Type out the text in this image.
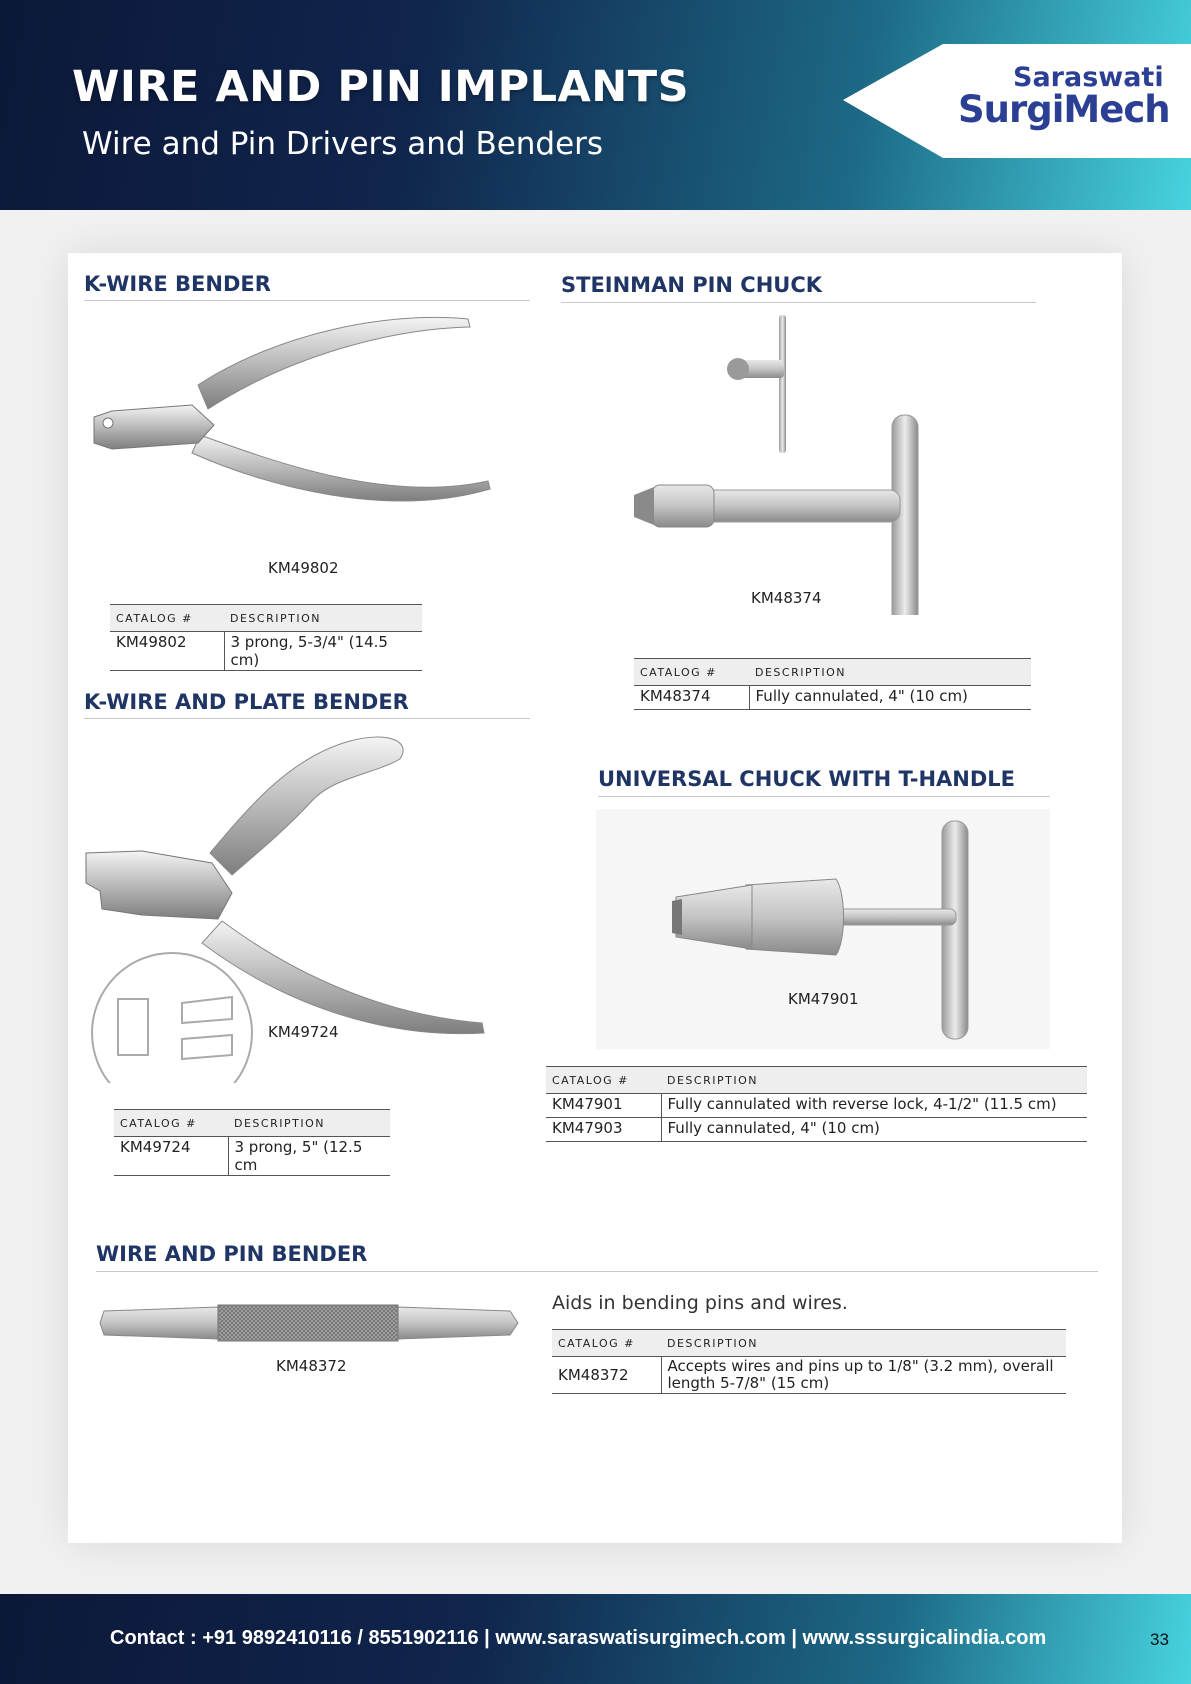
WIRE AND PIN IMPLANTS
Wire and Pin Drivers and Benders
Saraswati
SurgiMech
K-WIRE BENDER
KM49802
CATALOG #	DESCRIPTION
KM49802	3 prong, 5-3/4" (14.5 cm)
STEINMAN PIN CHUCK
KM48374
CATALOG #	DESCRIPTION
KM48374	Fully cannulated, 4" (10 cm)
K-WIRE AND PLATE BENDER
KM49724
CATALOG #	DESCRIPTION
KM49724	3 prong, 5" (12.5 cm
UNIVERSAL CHUCK WITH T-HANDLE
KM47901
CATALOG #	DESCRIPTION
KM47901	Fully cannulated with reverse lock, 4-1/2" (11.5 cm)
KM47903	Fully cannulated, 4" (10 cm)
WIRE AND PIN BENDER
KM48372
Aids in bending pins and wires.
CATALOG #	DESCRIPTION
KM48372	Accepts wires and pins up to 1/8" (3.2 mm), overall length 5-7/8" (15 cm)
Contact : +91 9892410116 / 8551902116 | www.saraswatisurgimech.com | www.sssurgicalindia.com	33
